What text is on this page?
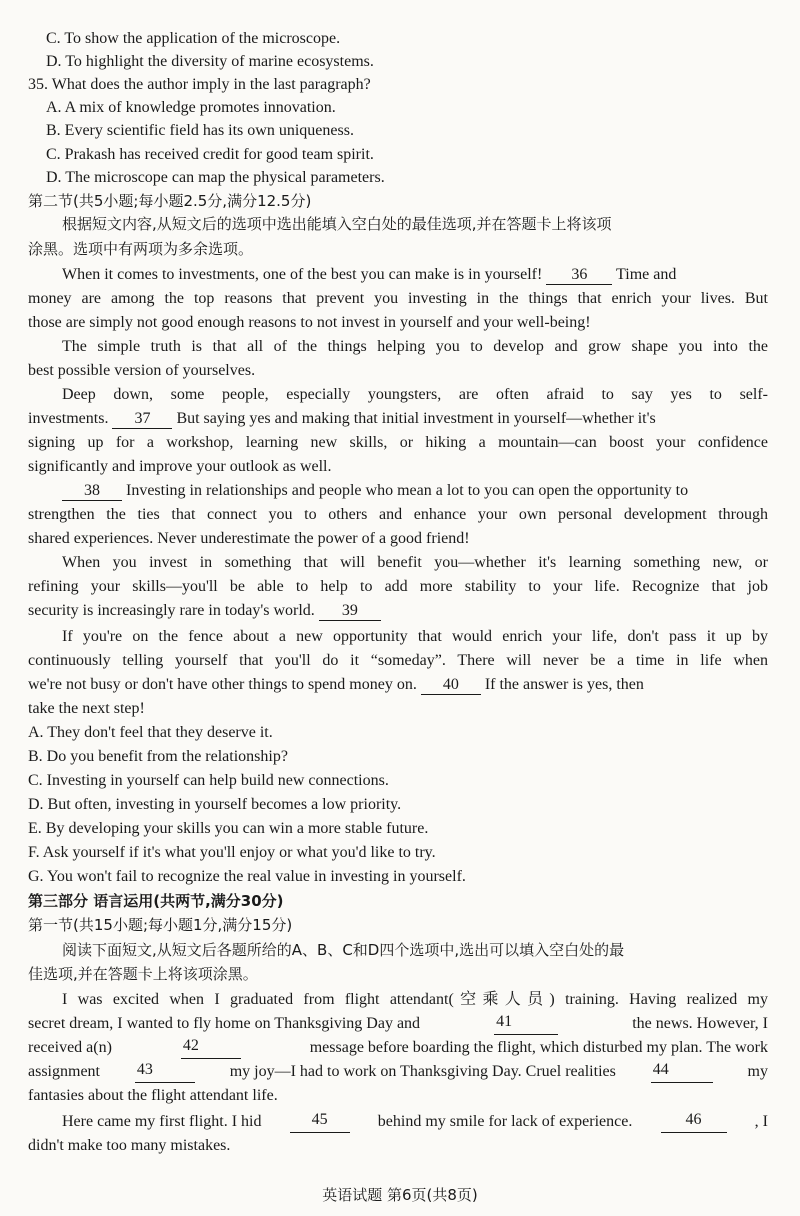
C. To show the application of the microscope.
D. To highlight the diversity of marine ecosystems.
35. What does the author imply in the last paragraph?
A. A mix of knowledge promotes innovation.
B. Every scientific field has its own uniqueness.
C. Prakash has received credit for good team spirit.
D. The microscope can map the physical parameters.
第二节(共5小题;每小题2.5分,满分12.5分)
根据短文内容,从短文后的选项中选出能填入空白处的最佳选项,并在答题卡上将该项
涂黑。选项中有两项为多余选项。
When it comes to investments, one of the best you can make is in yourself! 36 Time and
money are among the top reasons that prevent you investing in the things that enrich your lives. But
those are simply not good enough reasons to not invest in yourself and your well-being!
The simple truth is that all of the things helping you to develop and grow shape you into the
best possible version of yourselves.
Deep down, some people, especially youngsters, are often afraid to say yes to self-
investments. 37 But saying yes and making that initial investment in yourself—whether it's
signing up for a workshop, learning new skills, or hiking a mountain—can boost your confidence
significantly and improve your outlook as well.
38 Investing in relationships and people who mean a lot to you can open the opportunity to
strengthen the ties that connect you to others and enhance your own personal development through
shared experiences. Never underestimate the power of a good friend!
When you invest in something that will benefit you—whether it's learning something new, or
refining your skills—you'll be able to help to add more stability to your life. Recognize that job
security is increasingly rare in today's world. 39
If you're on the fence about a new opportunity that would enrich your life, don't pass it up by
continuously telling yourself that you'll do it “someday”. There will never be a time in life when
we're not busy or don't have other things to spend money on. 40 If the answer is yes, then
take the next step!
A. They don't feel that they deserve it.
B. Do you benefit from the relationship?
C. Investing in yourself can help build new connections.
D. But often, investing in yourself becomes a low priority.
E. By developing your skills you can win a more stable future.
F. Ask yourself if it's what you'll enjoy or what you'd like to try.
G. You won't fail to recognize the real value in investing in yourself.
第三部分 语言运用(共两节,满分30分)
第一节(共15小题;每小题1分,满分15分)
阅读下面短文,从短文后各题所给的A、B、C和D四个选项中,选出可以填入空白处的最
佳选项,并在答题卡上将该项涂黑。
I was excited when I graduated from flight attendant(空乘人员) training. Having realized my
secret dream, I wanted to fly home on Thanksgiving Day and	41	the news. However, I
received a(n)	42	message before boarding the flight, which disturbed my plan. The work
assignment 43	my joy—I had to work on Thanksgiving Day. Cruel realities 44	my
fantasies about the flight attendant life.
Here came my first flight. I hid	45	behind my smile for lack of experience.	46	, I
didn't make too many mistakes.
英语试题 第6页(共8页)
